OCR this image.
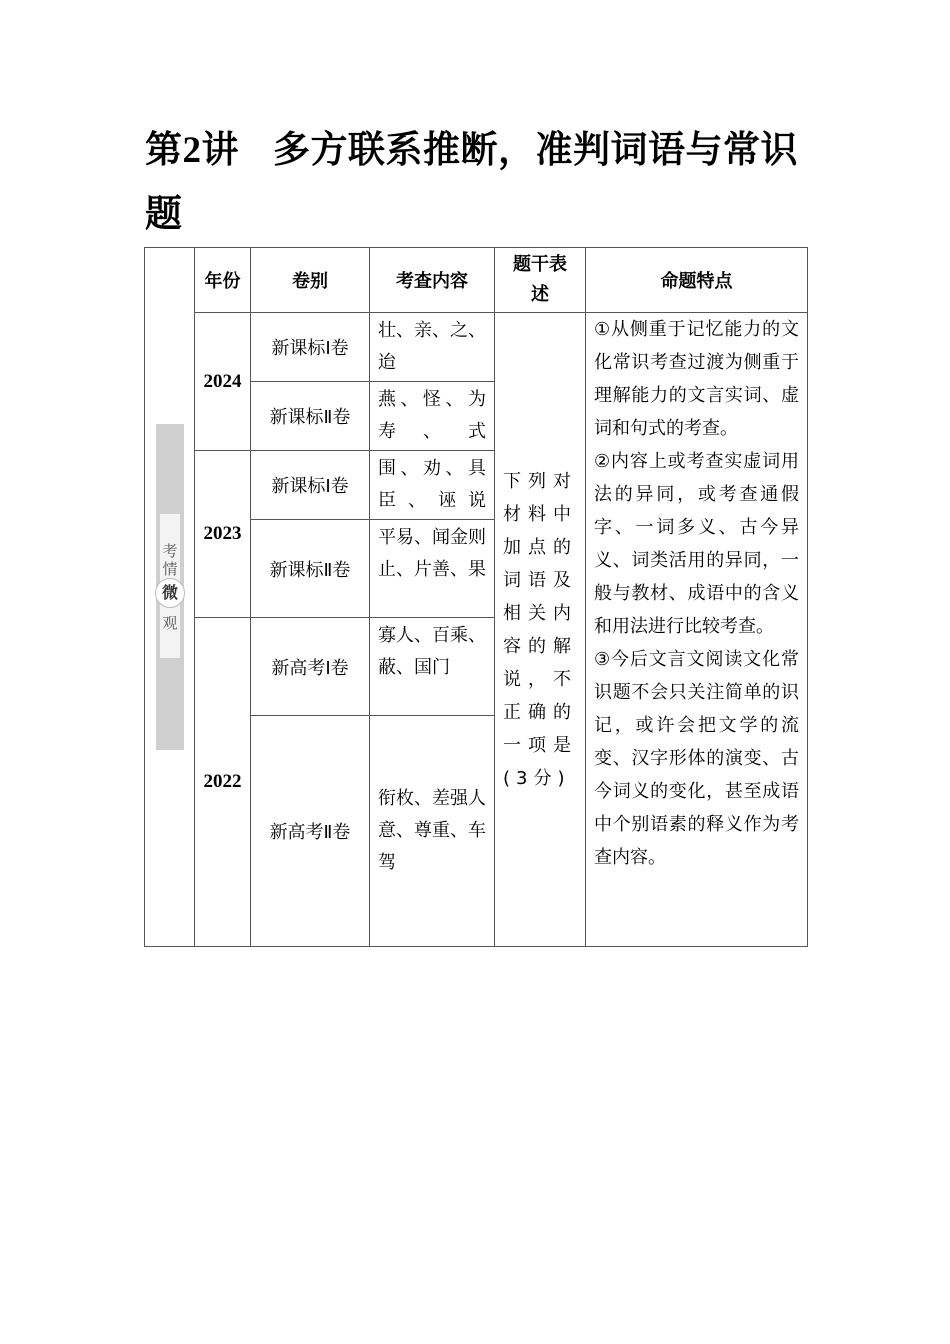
第2讲 多方联系推断，准判词语与常识题
考
情
微
观	年份	卷别	考查内容	题干表述	命题特点
	2024	新课标Ⅰ卷	壮、亲、之、迨	下列对材料中加点的词语及相关内容的解说，不正确的一项是(3分)	①从侧重于记忆能力的文化常识考查过渡为侧重于理解能力的文言实词、虚词和句式的考查。

②内容上或考查实虚词用法的异同，或考查通假字、一词多义、古今异义、词类活用的异同，一般与教材、成语中的含义和用法进行比较考查。

③今后文言文阅读文化常识题不会只关注简单的识记，或许会把文学的流变、汉字形体的演变、古今词义的变化，甚至成语中个别语素的释义作为考查内容。

		新课标Ⅱ卷	燕、怪、为寿、式		
	2023	新课标Ⅰ卷	围、劝、具臣、诬说		
		新课标Ⅱ卷	平易、闻金则止、片善、果		
	2022	新高考Ⅰ卷	寡人、百乘、蔽、国门		
		新高考Ⅱ卷	衔枚、差强人意、尊重、车驾		
